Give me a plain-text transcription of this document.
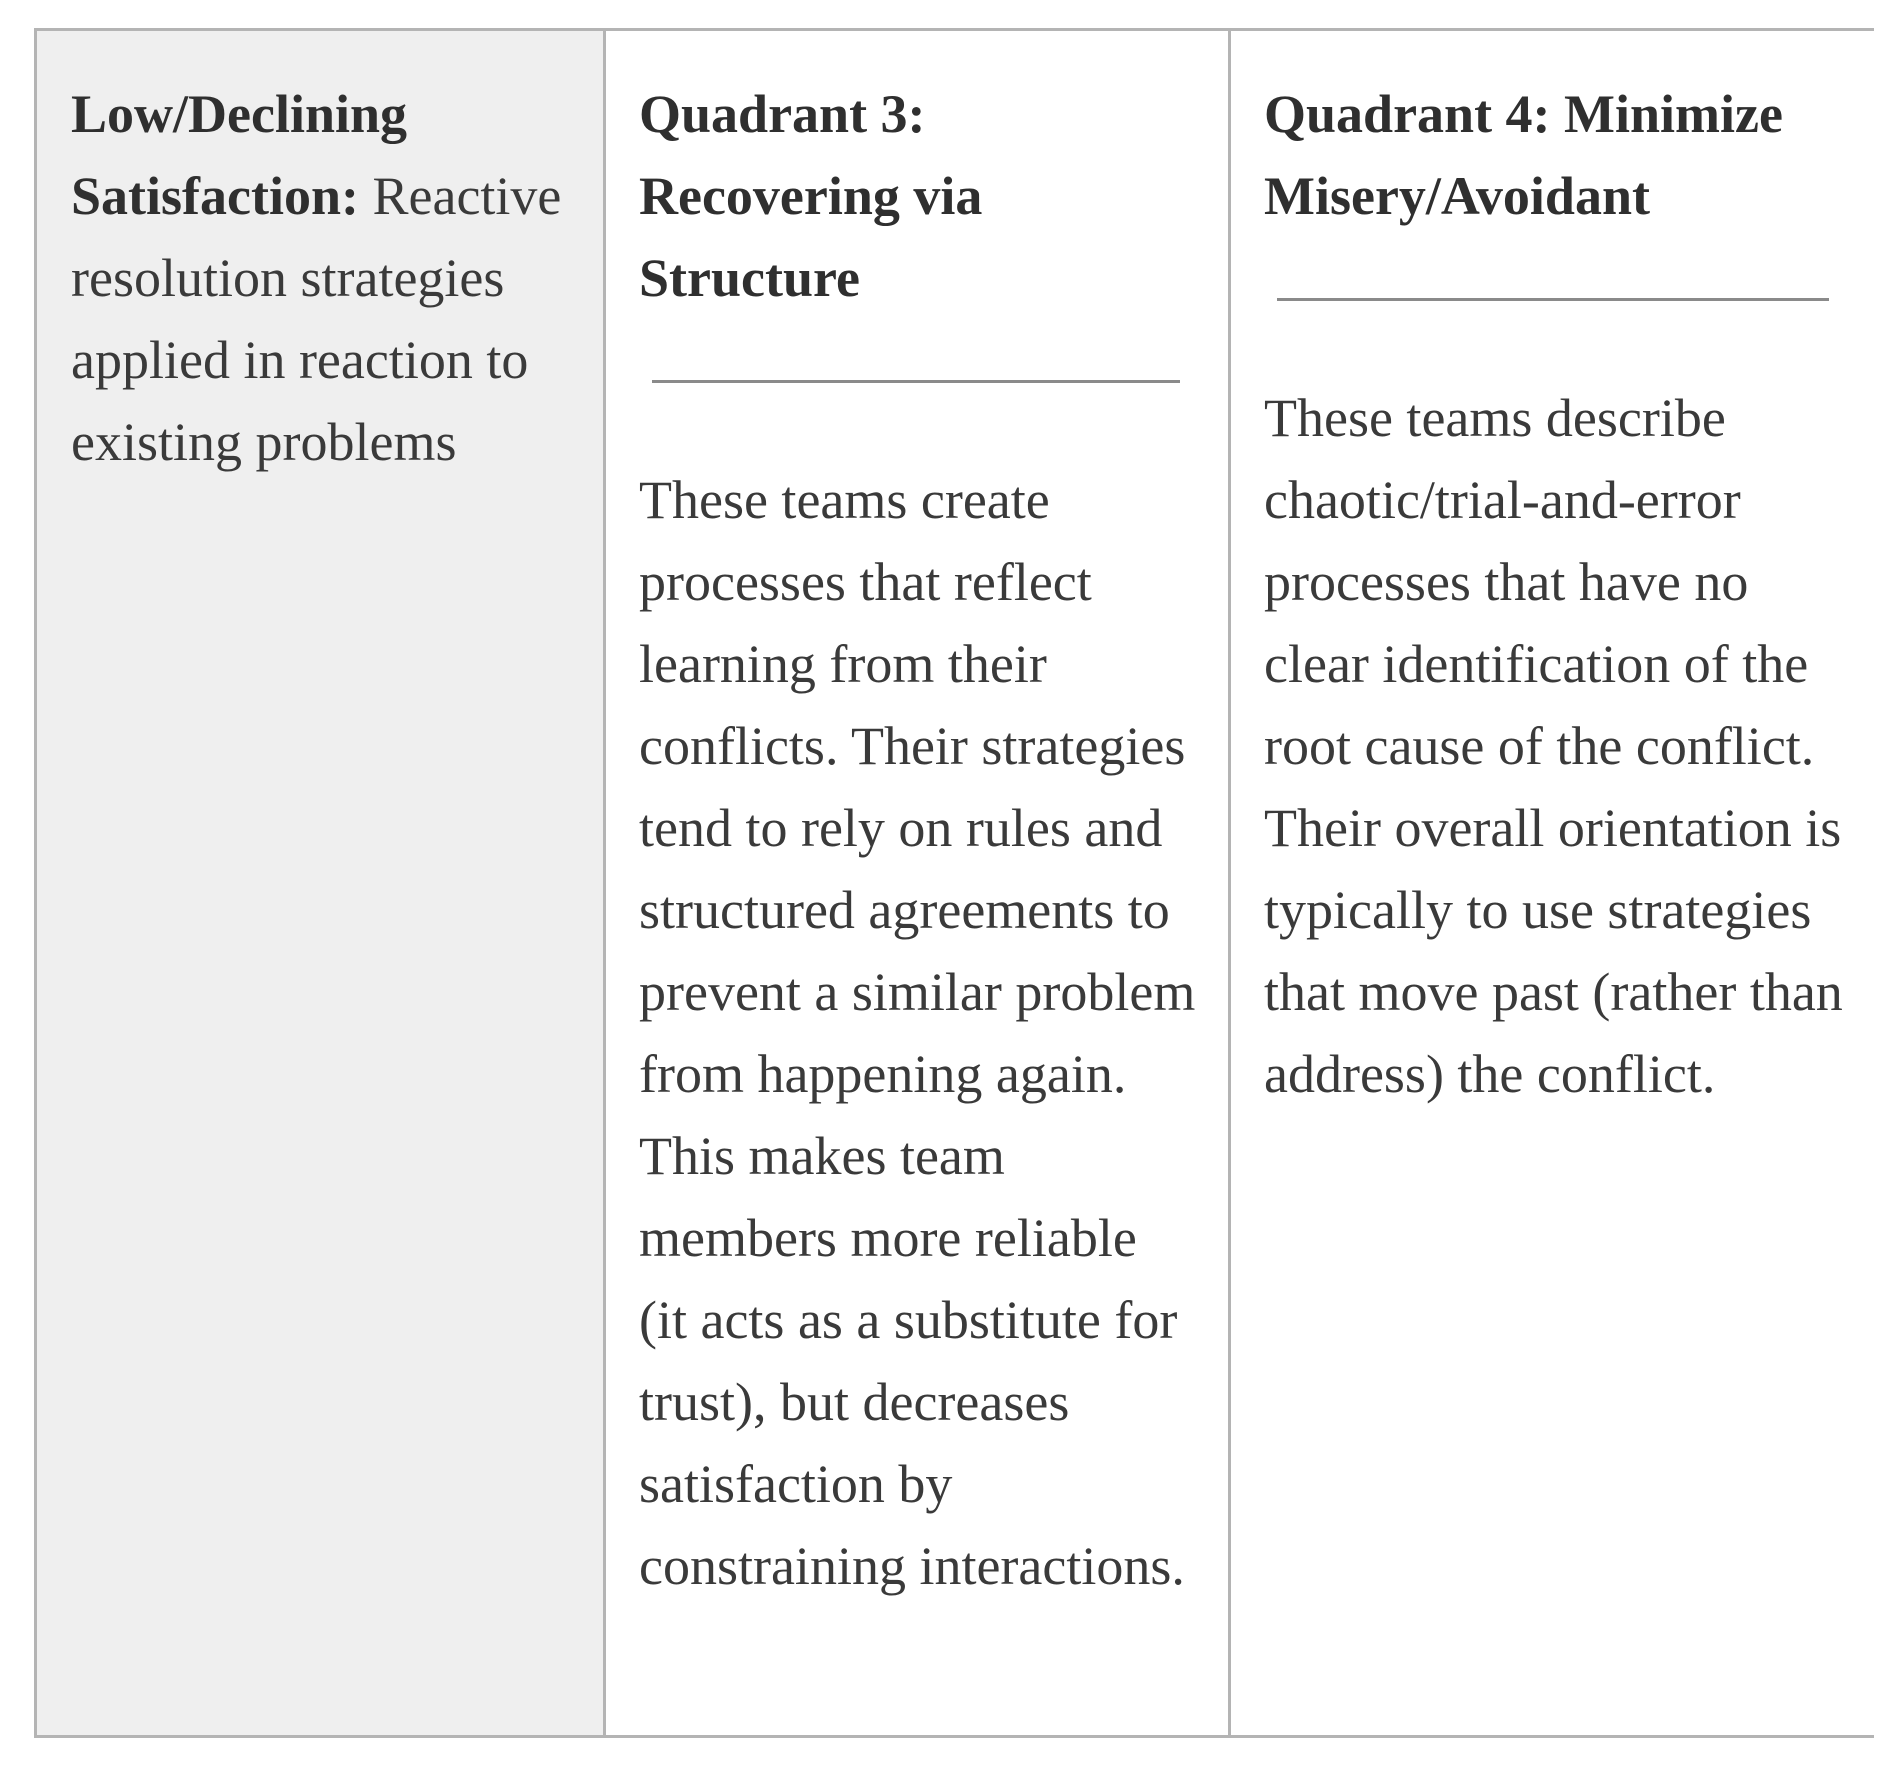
Low/Declining Satisfaction: Reactive resolution strategies applied in reaction to existing problems

Quadrant 3: Recovering via Structure

These teams create processes that reflect learning from their conflicts. Their strategies tend to rely on rules and structured agreements to prevent a similar problem from happening again. This makes team members more reliable (it acts as a substitute for trust), but decreases satisfaction by constraining interactions.

Quadrant 4: Minimize Misery/Avoidant

These teams describe chaotic/trial-and-error processes that have no clear identification of the root cause of the conflict. Their overall orientation is typically to use strategies that move past (rather than address) the conflict.
